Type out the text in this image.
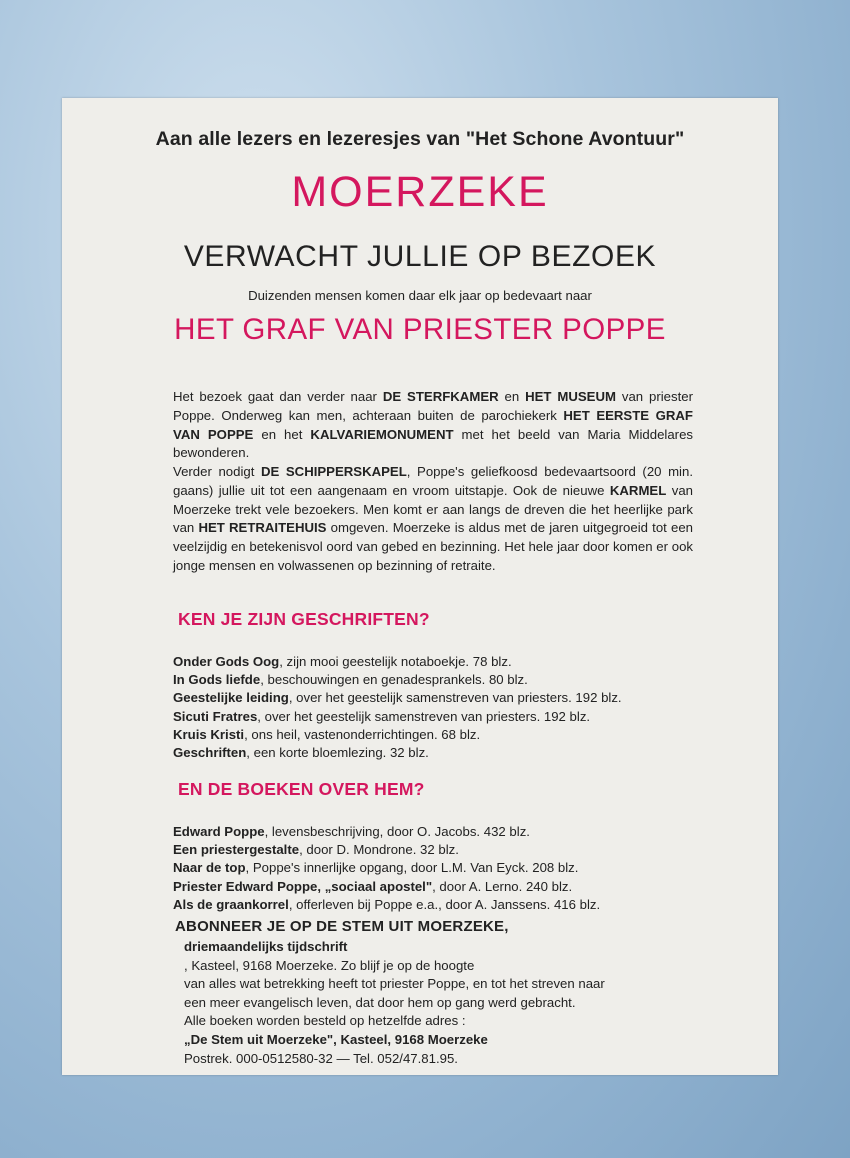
Aan alle lezers en lezeresjes van "Het Schone Avontuur"

MOERZEKE
VERWACHT JULLIE OP BEZOEK

Duizenden mensen komen daar elk jaar op bedevaart naar

HET GRAF VAN PRIESTER POPPE

Het bezoek gaat dan verder naar DE STERFKAMER en HET MUSEUM van priester Poppe. Onderweg kan men, achteraan buiten de parochiekerk HET EERSTE GRAF VAN POPPE en het KALVARIEMONUMENT met het beeld van Maria Middelares bewonderen.

Verder nodigt DE SCHIPPERSKAPEL, Poppe's geliefkoosd bedevaartsoord (20 min. gaans) jullie uit tot een aangenaam en vroom uitstapje. Ook de nieuwe KARMEL van Moerzeke trekt vele bezoekers. Men komt er aan langs de dreven die het heerlijke park van HET RETRAITEHUIS omgeven. Moerzeke is aldus met de jaren uitgegroeid tot een veelzijdig en betekenisvol oord van gebed en bezinning. Het hele jaar door komen er ook jonge mensen en volwassenen op bezinning of retraite.

KEN JE ZIJN GESCHRIFTEN?
Onder Gods Oog, zijn mooi geestelijk notaboekje. 78 blz.
In Gods liefde, beschouwingen en genadesprankels. 80 blz.
Geestelijke leiding, over het geestelijk samenstreven van priesters. 192 blz.
Sicuti Fratres, over het geestelijk samenstreven van priesters. 192 blz.
Kruis Kristi, ons heil, vastenonderrichtingen. 68 blz.
Geschriften, een korte bloemlezing. 32 blz.
EN DE BOEKEN OVER HEM?
Edward Poppe, levensbeschrijving, door O. Jacobs. 432 blz.
Een priestergestalte, door D. Mondrone. 32 blz.
Naar de top, Poppe's innerlijke opgang, door L.M. Van Eyck. 208 blz.
Priester Edward Poppe, „sociaal apostel", door A. Lerno. 240 blz.
Als de graankorrel, offerleven bij Poppe e.a., door A. Janssens. 416 blz.

ABONNEER JE OP DE STEM UIT MOERZEKE,

driemaandelijks tijdschrift
, Kasteel, 9168 Moerzeke. Zo blijf je op de hoogte
van alles wat betrekking heeft tot priester Poppe, en tot het streven naar
een meer evangelisch leven, dat door hem op gang werd gebracht.
Alle boeken worden besteld op hetzelfde adres :
„De Stem uit Moerzeke", Kasteel, 9168 Moerzeke
Postrek. 000-0512580-32 — Tel. 052/47.81.95.
